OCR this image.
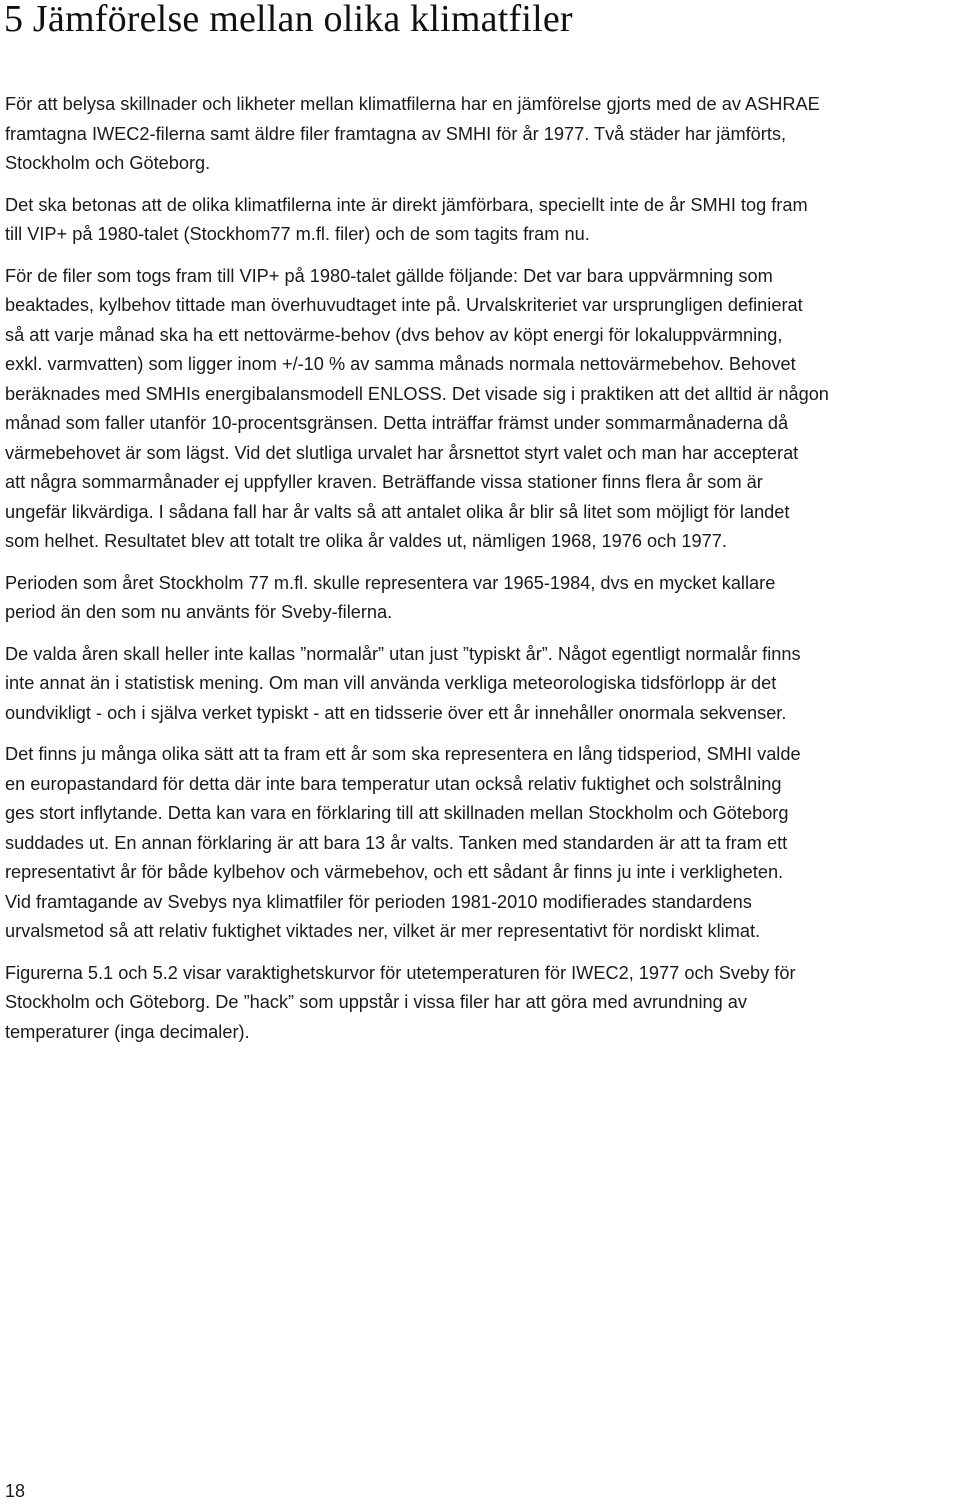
5 Jämförelse mellan olika klimatfiler

För att belysa skillnader och likheter mellan klimatfilerna har en jämförelse gjorts med de av ASHRAE
framtagna IWEC2-filerna samt äldre filer framtagna av SMHI för år 1977. Två städer har jämförts,
Stockholm och Göteborg.

Det ska betonas att de olika klimatfilerna inte är direkt jämförbara, speciellt inte de år SMHI tog fram
till VIP+ på 1980-talet (Stockhom77 m.fl. filer) och de som tagits fram nu.

För de filer som togs fram till VIP+ på 1980-talet gällde följande: Det var bara uppvärmning som
beaktades, kylbehov tittade man överhuvudtaget inte på. Urvalskriteriet var ursprungligen definierat
så att varje månad ska ha ett nettovärme-behov (dvs behov av köpt energi för lokaluppvärmning,
exkl. varmvatten) som ligger inom +/-10 % av samma månads normala nettovärmebehov. Behovet
beräknades med SMHIs energibalansmodell ENLOSS. Det visade sig i praktiken att det alltid är någon
månad som faller utanför 10-procentsgränsen. Detta inträffar främst under sommarmånaderna då
värmebehovet är som lägst. Vid det slutliga urvalet har årsnettot styrt valet och man har accepterat
att några sommarmånader ej uppfyller kraven. Beträffande vissa stationer finns flera år som är
ungefär likvärdiga. I sådana fall har år valts så att antalet olika år blir så litet som möjligt för landet
som helhet. Resultatet blev att totalt tre olika år valdes ut, nämligen 1968, 1976 och 1977.

Perioden som året Stockholm 77 m.fl. skulle representera var 1965-1984, dvs en mycket kallare
period än den som nu använts för Sveby-filerna.

De valda åren skall heller inte kallas ”normalår” utan just ”typiskt år”. Något egentligt normalår finns
inte annat än i statistisk mening. Om man vill använda verkliga meteorologiska tidsförlopp är det
oundvikligt - och i själva verket typiskt - att en tidsserie över ett år innehåller onormala sekvenser.

Det finns ju många olika sätt att ta fram ett år som ska representera en lång tidsperiod, SMHI valde
en europastandard för detta där inte bara temperatur utan också relativ fuktighet och solstrålning
ges stort inflytande. Detta kan vara en förklaring till att skillnaden mellan Stockholm och Göteborg
suddades ut. En annan förklaring är att bara 13 år valts. Tanken med standarden är att ta fram ett
representativt år för både kylbehov och värmebehov, och ett sådant år finns ju inte i verkligheten.
Vid framtagande av Svebys nya klimatfiler för perioden 1981-2010 modifierades standardens
urvalsmetod så att relativ fuktighet viktades ner, vilket är mer representativt för nordiskt klimat.

Figurerna 5.1 och 5.2 visar varaktighetskurvor för utetemperaturen för IWEC2, 1977 och Sveby för
Stockholm och Göteborg. De ”hack” som uppstår i vissa filer har att göra med avrundning av
temperaturer (inga decimaler).

18
